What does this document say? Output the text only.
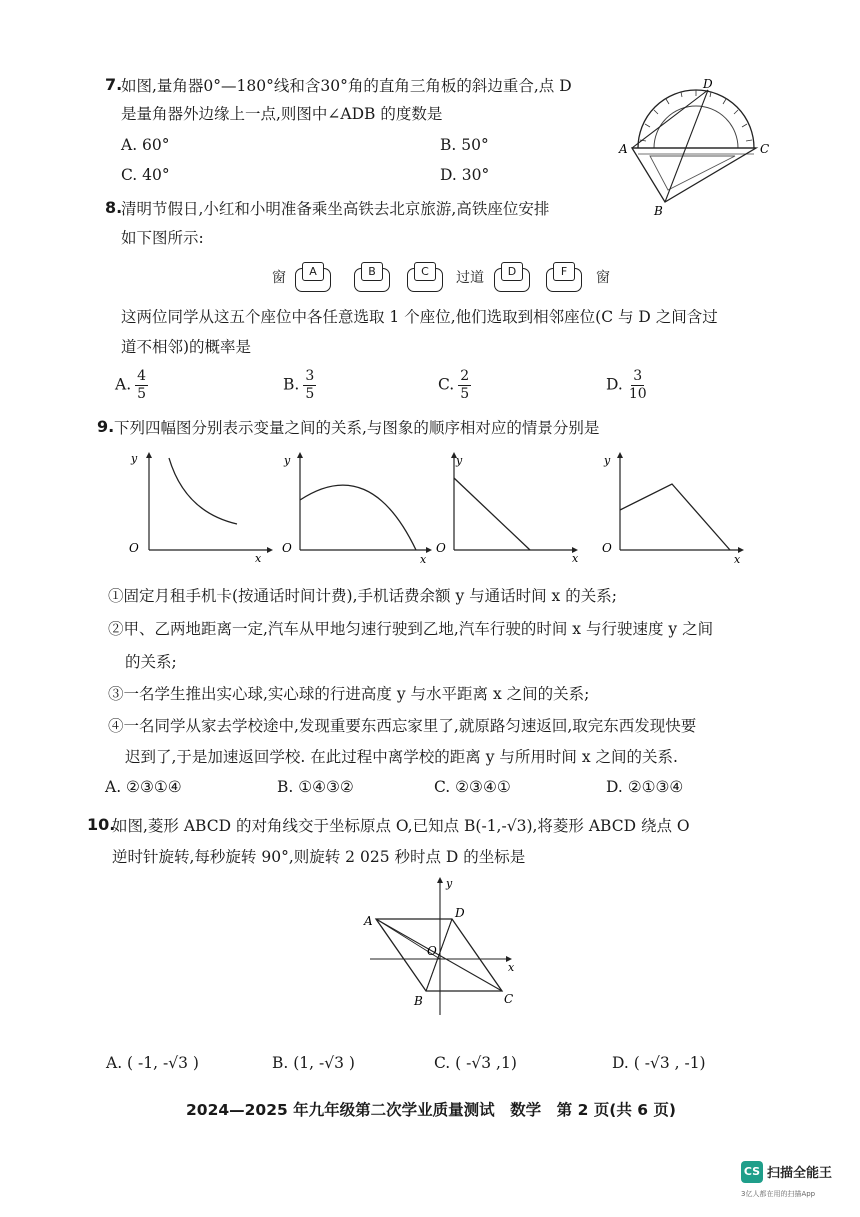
7.
如图,量角器0°—180°线和含30°角的直角三角板的斜边重合,点 D
是量角器外边缘上一点,则图中∠ADB 的度数是
A. 60°	B. 50°
C. 40°	D. 30°
D
A	C
B
8.
清明节假日,小红和小明准备乘坐高铁去北京旅游,高铁座位安排
如下图所示:
窗	A	B	C	过道	D	F	窗
这两位同学从这五个座位中各任意选取 1 个座位,他们选取到相邻座位(C 与 D 之间含过
道不相邻)的概率是
A. $\frac{4}{5}$	B. $\frac{3}{5}$	C. $\frac{2}{5}$	D. $\frac{3}{10}$
9. 下列四幅图分别表示变量之间的关系,与图象的顺序相对应的情景分别是
y
x
O
y
x
O
y
x
O
y
x
O
①固定月租手机卡(按通话时间计费),手机话费余额 y 与通话时间 x 的关系;
②甲、乙两地距离一定,汽车从甲地匀速行驶到乙地,汽车行驶的时间 x 与行驶速度 y 之间
的关系;
③一名学生推出实心球,实心球的行进高度 y 与水平距离 x 之间的关系;
④一名同学从家去学校途中,发现重要东西忘家里了,就原路匀速返回,取完东西发现快要
迟到了,于是加速返回学校. 在此过程中离学校的距离 y 与所用时间 x 之间的关系.
A. ②③①④	B. ①④③②	C. ②③④①	D. ②①③④
10.
如图,菱形 ABCD 的对角线交于坐标原点 O,已知点 B(-1,-√3),将菱形 ABCD 绕点 O
逆时针旋转,每秒旋转 90°,则旋转 2 025 秒时点 D 的坐标是
A
D
O
C
B
x
y
A. ( -1, -√3 )	B. (1, -√3 )	C. ( -√3 ,1)	D. ( -√3 , -1)
2024—2025 年九年级第二次学业质量测试　数学　第 2 页(共 6 页)
CS 扫描全能王
3亿人都在用的扫描App
